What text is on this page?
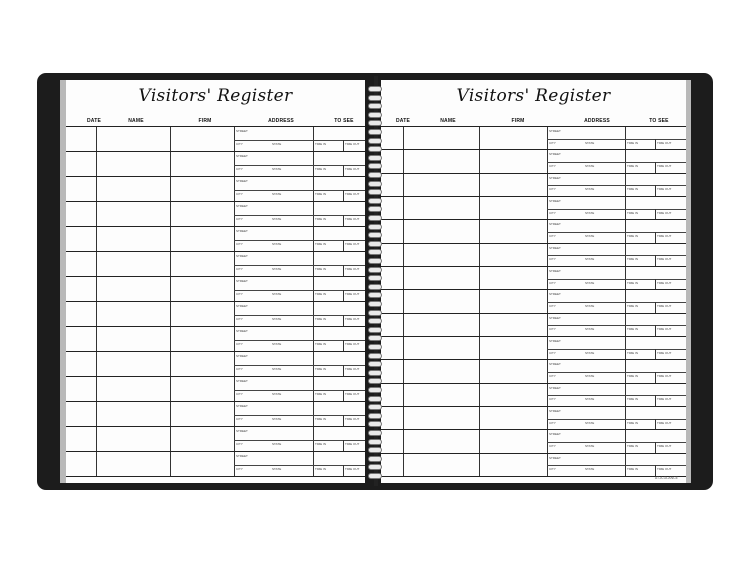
Visitors' Register
DATE	NAME	FIRM	ADDRESS	TO SEE
STREET
CITY	STATE	TIME IN	TIME OUT
STREET
CITY	STATE	TIME IN	TIME OUT
STREET
CITY	STATE	TIME IN	TIME OUT
STREET
CITY	STATE	TIME IN	TIME OUT
STREET
CITY	STATE	TIME IN	TIME OUT
STREET
CITY	STATE	TIME IN	TIME OUT
STREET
CITY	STATE	TIME IN	TIME OUT
STREET
CITY	STATE	TIME IN	TIME OUT
STREET
CITY	STATE	TIME IN	TIME OUT
STREET
CITY	STATE	TIME IN	TIME OUT
STREET
CITY	STATE	TIME IN	TIME OUT
STREET
CITY	STATE	TIME IN	TIME OUT
STREET
CITY	STATE	TIME IN	TIME OUT
STREET
CITY	STATE	TIME IN	TIME OUT
Visitors' Register
DATE	NAME	FIRM	ADDRESS	TO SEE
STREET
CITY	STATE	TIME IN	TIME OUT
STREET
CITY	STATE	TIME IN	TIME OUT
STREET
CITY	STATE	TIME IN	TIME OUT
STREET
CITY	STATE	TIME IN	TIME OUT
STREET
CITY	STATE	TIME IN	TIME OUT
STREET
CITY	STATE	TIME IN	TIME OUT
STREET
CITY	STATE	TIME IN	TIME OUT
STREET
CITY	STATE	TIME IN	TIME OUT
STREET
CITY	STATE	TIME IN	TIME OUT
STREET
CITY	STATE	TIME IN	TIME OUT
STREET
CITY	STATE	TIME IN	TIME OUT
STREET
CITY	STATE	TIME IN	TIME OUT
STREET
CITY	STATE	TIME IN	TIME OUT
STREET
CITY	STATE	TIME IN	TIME OUT
STREET
CITY	STATE	TIME IN	TIME OUT
AT-A-GLANCE
